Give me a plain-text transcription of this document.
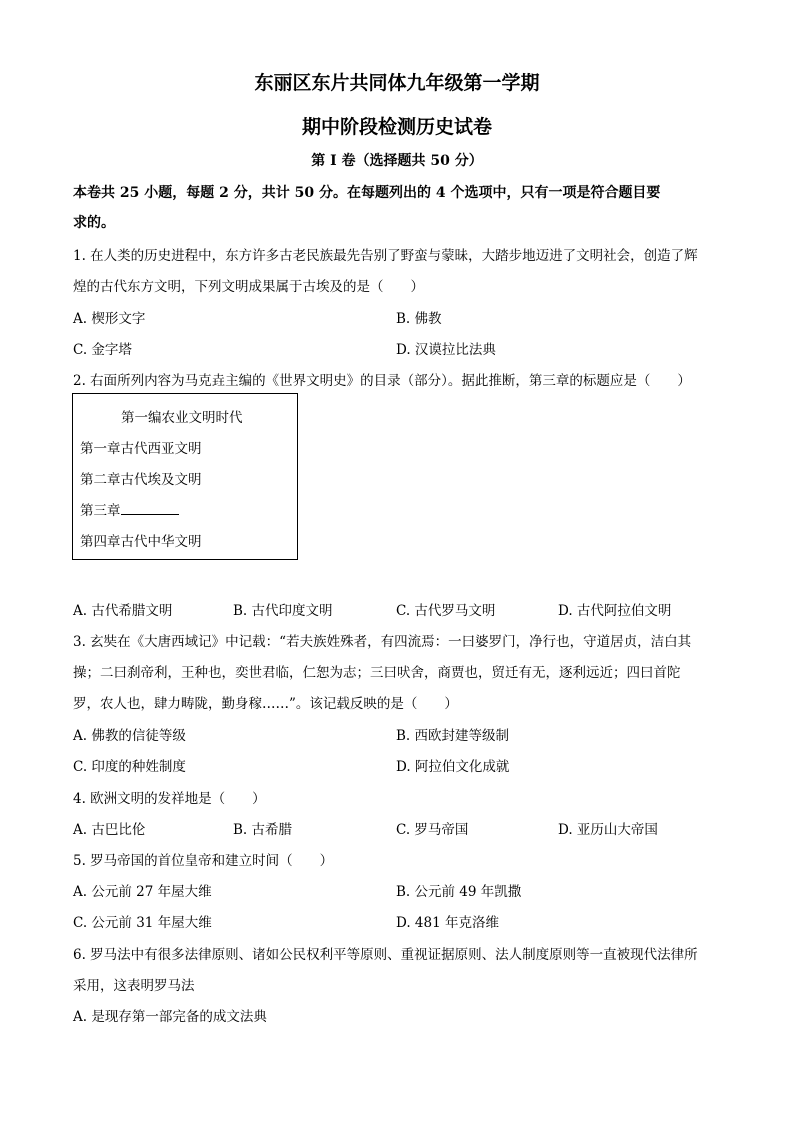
东丽区东片共同体九年级第一学期
期中阶段检测历史试卷
第 Ⅰ 卷（选择题共 50 分）
本卷共 25 小题，每题 2 分，共计 50 分。在每题列出的 4 个选项中，只有一项是符合题目要
求的。
1. 在人类的历史进程中，东方许多古老民族最先告别了野蛮与蒙昧，大踏步地迈进了文明社会，创造了辉
煌的古代东方文明，下列文明成果属于古埃及的是（　　）
A. 楔形文字	B. 佛教
C. 金字塔	D. 汉谟拉比法典
2. 右面所列内容为马克垚主编的《世界文明史》的目录（部分）。据此推断，第三章的标题应是（　　）
第一编农业文明时代
第一章古代西亚文明
第二章古代埃及文明
第三章
第四章古代中华文明
A. 古代希腊文明	B. 古代印度文明	C. 古代罗马文明	D. 古代阿拉伯文明
3. 玄奘在《大唐西域记》中记载：“若夫族姓殊者，有四流焉：一曰婆罗门，净行也，守道居贞，洁白其
操；二曰刹帝利，王种也，奕世君临，仁恕为志；三曰吠舍，商贾也，贸迁有无，逐利远近；四曰首陀
罗，农人也，肆力畴陇，勤身稼……”。该记载反映的是（　　）
A. 佛教的信徒等级	B. 西欧封建等级制
C. 印度的种姓制度	D. 阿拉伯文化成就
4. 欧洲文明的发祥地是（　　）
A. 古巴比伦	B. 古希腊	C. 罗马帝国	D. 亚历山大帝国
5. 罗马帝国的首位皇帝和建立时间（　　）
A. 公元前 27 年屋大维	B. 公元前 49 年凯撒
C. 公元前 31 年屋大维	D. 481 年克洛维
6. 罗马法中有很多法律原则、诸如公民权利平等原则、重视证据原则、法人制度原则等一直被现代法律所
采用，这表明罗马法
A. 是现存第一部完备的成文法典
